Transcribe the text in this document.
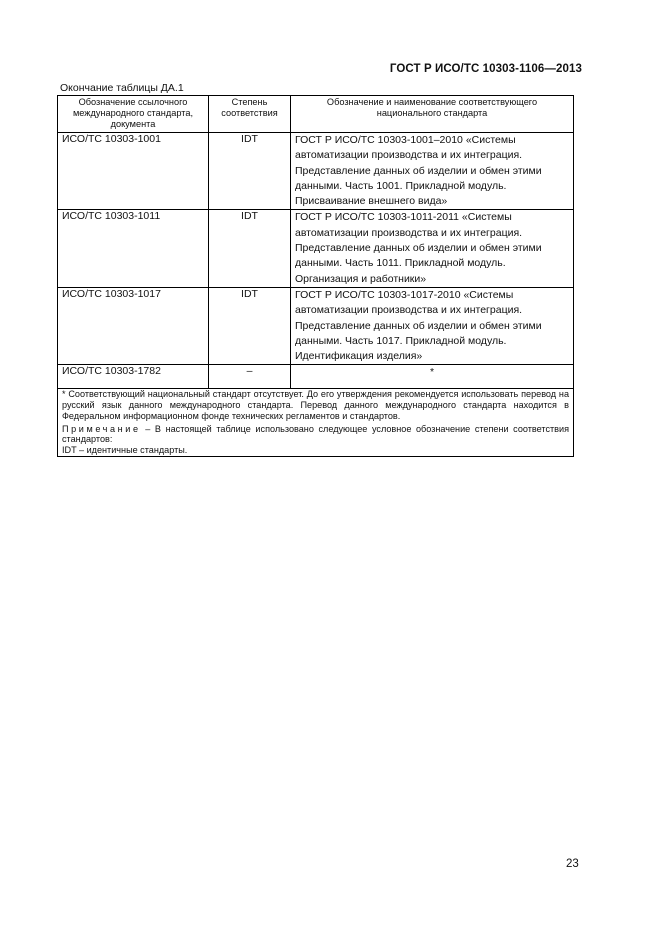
ГОСТ Р ИСО/ТС 10303-1106—2013
Окончание таблицы ДА.1
Обозначение ссылочного международного стандарта, документа	Степень соответствия	Обозначение и наименование соответствующего национального стандарта
ИСО/ТС 10303-1001	IDT	ГОСТ Р ИСО/ТС 10303-1001–2010 «Системы автоматизации производства и их интеграция. Представление данных об изделии и обмен этими данными. Часть 1001. Прикладной модуль. Присваивание внешнего вида»
ИСО/ТС 10303-1011	IDT	ГОСТ Р ИСО/ТС 10303-1011-2011 «Системы автоматизации производства и их интеграция. Представление данных об изделии и обмен этими данными. Часть 1011. Прикладной модуль. Организация и работники»
ИСО/ТС 10303-1017	IDT	ГОСТ Р ИСО/ТС 10303-1017-2010 «Системы автоматизации производства и их интеграция. Представление данных об изделии и обмен этими данными. Часть 1017. Прикладной модуль. Идентификация изделия»
ИСО/ТС 10303-1782	–	*

* Соответствующий национальный стандарт отсутствует. До его утверждения рекомендуется использовать перевод на русский язык данного международного стандарта. Перевод данного международного стандарта находится в Федеральном информационном фонде технических регламентов и стандартов.

Примечание – В настоящей таблице использовано следующее условное обозначение степени соответствия стандартов:

IDT – идентичные стандарты.		

23
